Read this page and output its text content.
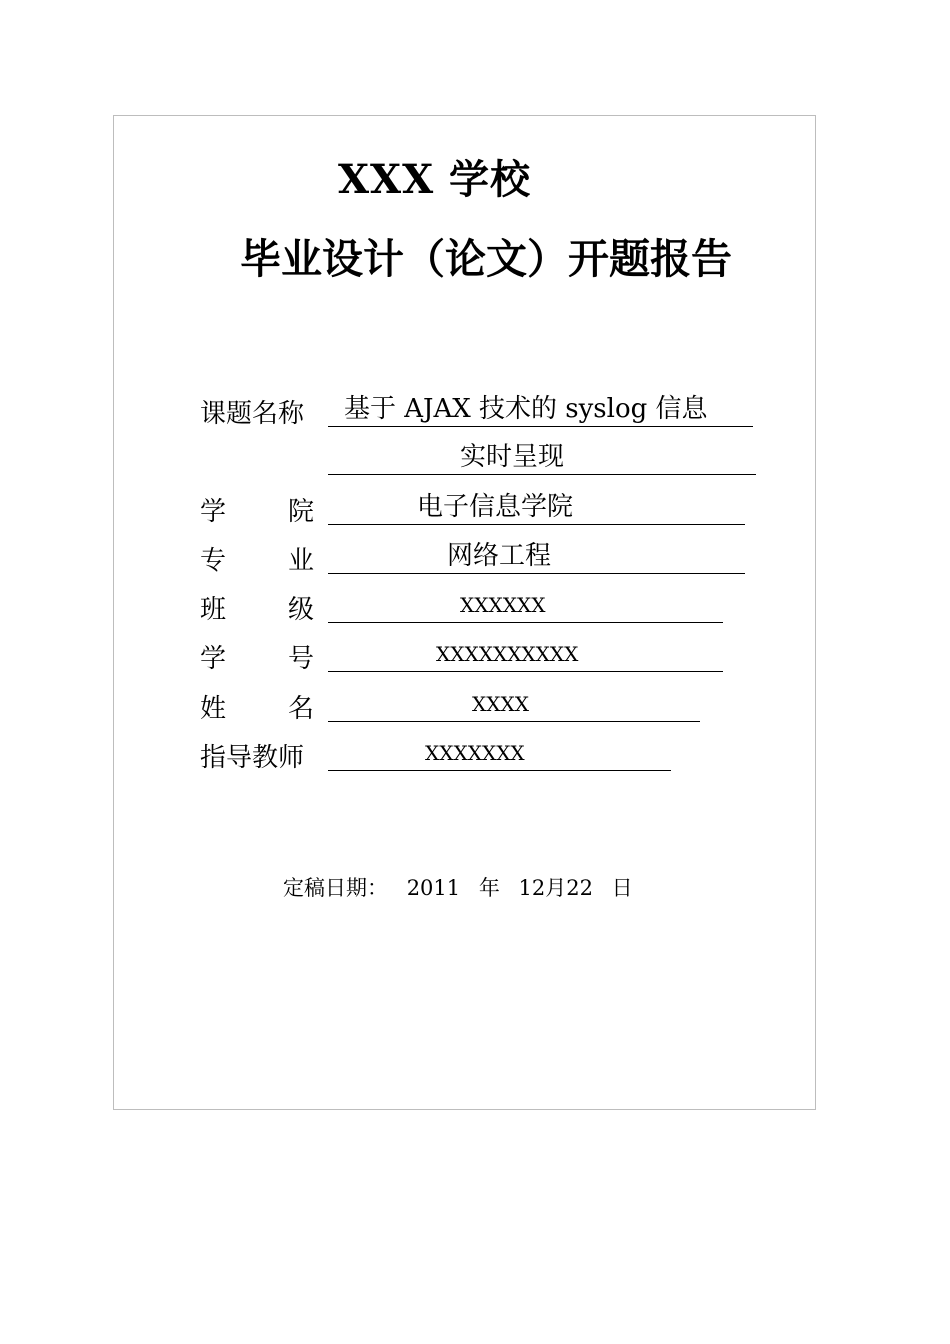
XXX 学校
毕业设计（论文）开题报告
课题名称	基于 AJAX 技术的 syslog 信息
实时呈现
学 院	电子信息学院
专 业	网络工程
班 级	XXXXXX
学 号	XXXXXXXXXX
姓 名	XXXX
指导教师	XXXXXXX
定稿日期： 2011 年 12月22 日
